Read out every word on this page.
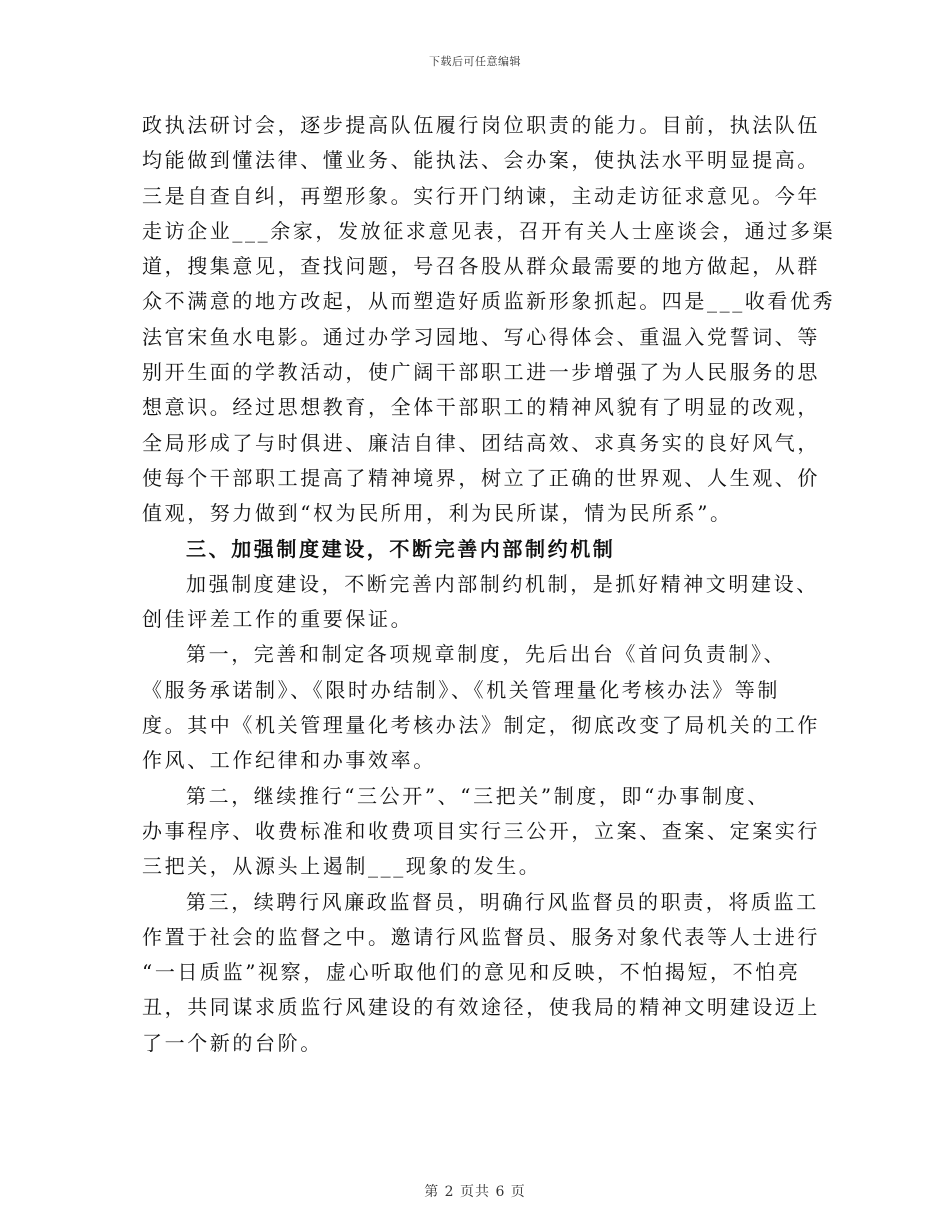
下载后可任意编辑
政执法研讨会，逐步提高队伍履行岗位职责的能力。目前，执法队伍
均能做到懂法律、懂业务、能执法、会办案，使执法水平明显提高。
三是自查自纠，再塑形象。实行开门纳谏，主动走访征求意见。今年
走访企业___余家，发放征求意见表，召开有关人士座谈会，通过多渠
道，搜集意见，查找问题，号召各股从群众最需要的地方做起，从群
众不满意的地方改起，从而塑造好质监新形象抓起。四是___收看优秀
法官宋鱼水电影。通过办学习园地、写心得体会、重温入党誓词、等
别开生面的学教活动，使广阔干部职工进一步增强了为人民服务的思
想意识。经过思想教育，全体干部职工的精神风貌有了明显的改观，
全局形成了与时俱进、廉洁自律、团结高效、求真务实的良好风气，
使每个干部职工提高了精神境界，树立了正确的世界观、人生观、价
值观，努力做到“权为民所用，利为民所谋，情为民所系”。
三、加强制度建设，不断完善内部制约机制
加强制度建设，不断完善内部制约机制，是抓好精神文明建设、
创佳评差工作的重要保证。
第一，完善和制定各项规章制度，先后出台《首问负责制》、
《服务承诺制》、《限时办结制》、《机关管理量化考核办法》等制
度。其中《机关管理量化考核办法》制定，彻底改变了局机关的工作
作风、工作纪律和办事效率。
第二，继续推行“三公开”、“三把关”制度，即“办事制度、
办事程序、收费标准和收费项目实行三公开，立案、查案、定案实行
三把关，从源头上遏制___现象的发生。
第三，续聘行风廉政监督员，明确行风监督员的职责，将质监工
作置于社会的监督之中。邀请行风监督员、服务对象代表等人士进行
“一日质监”视察，虚心听取他们的意见和反映，不怕揭短，不怕亮
丑，共同谋求质监行风建设的有效途径，使我局的精神文明建设迈上
了一个新的台阶。
第 2 页共 6 页
